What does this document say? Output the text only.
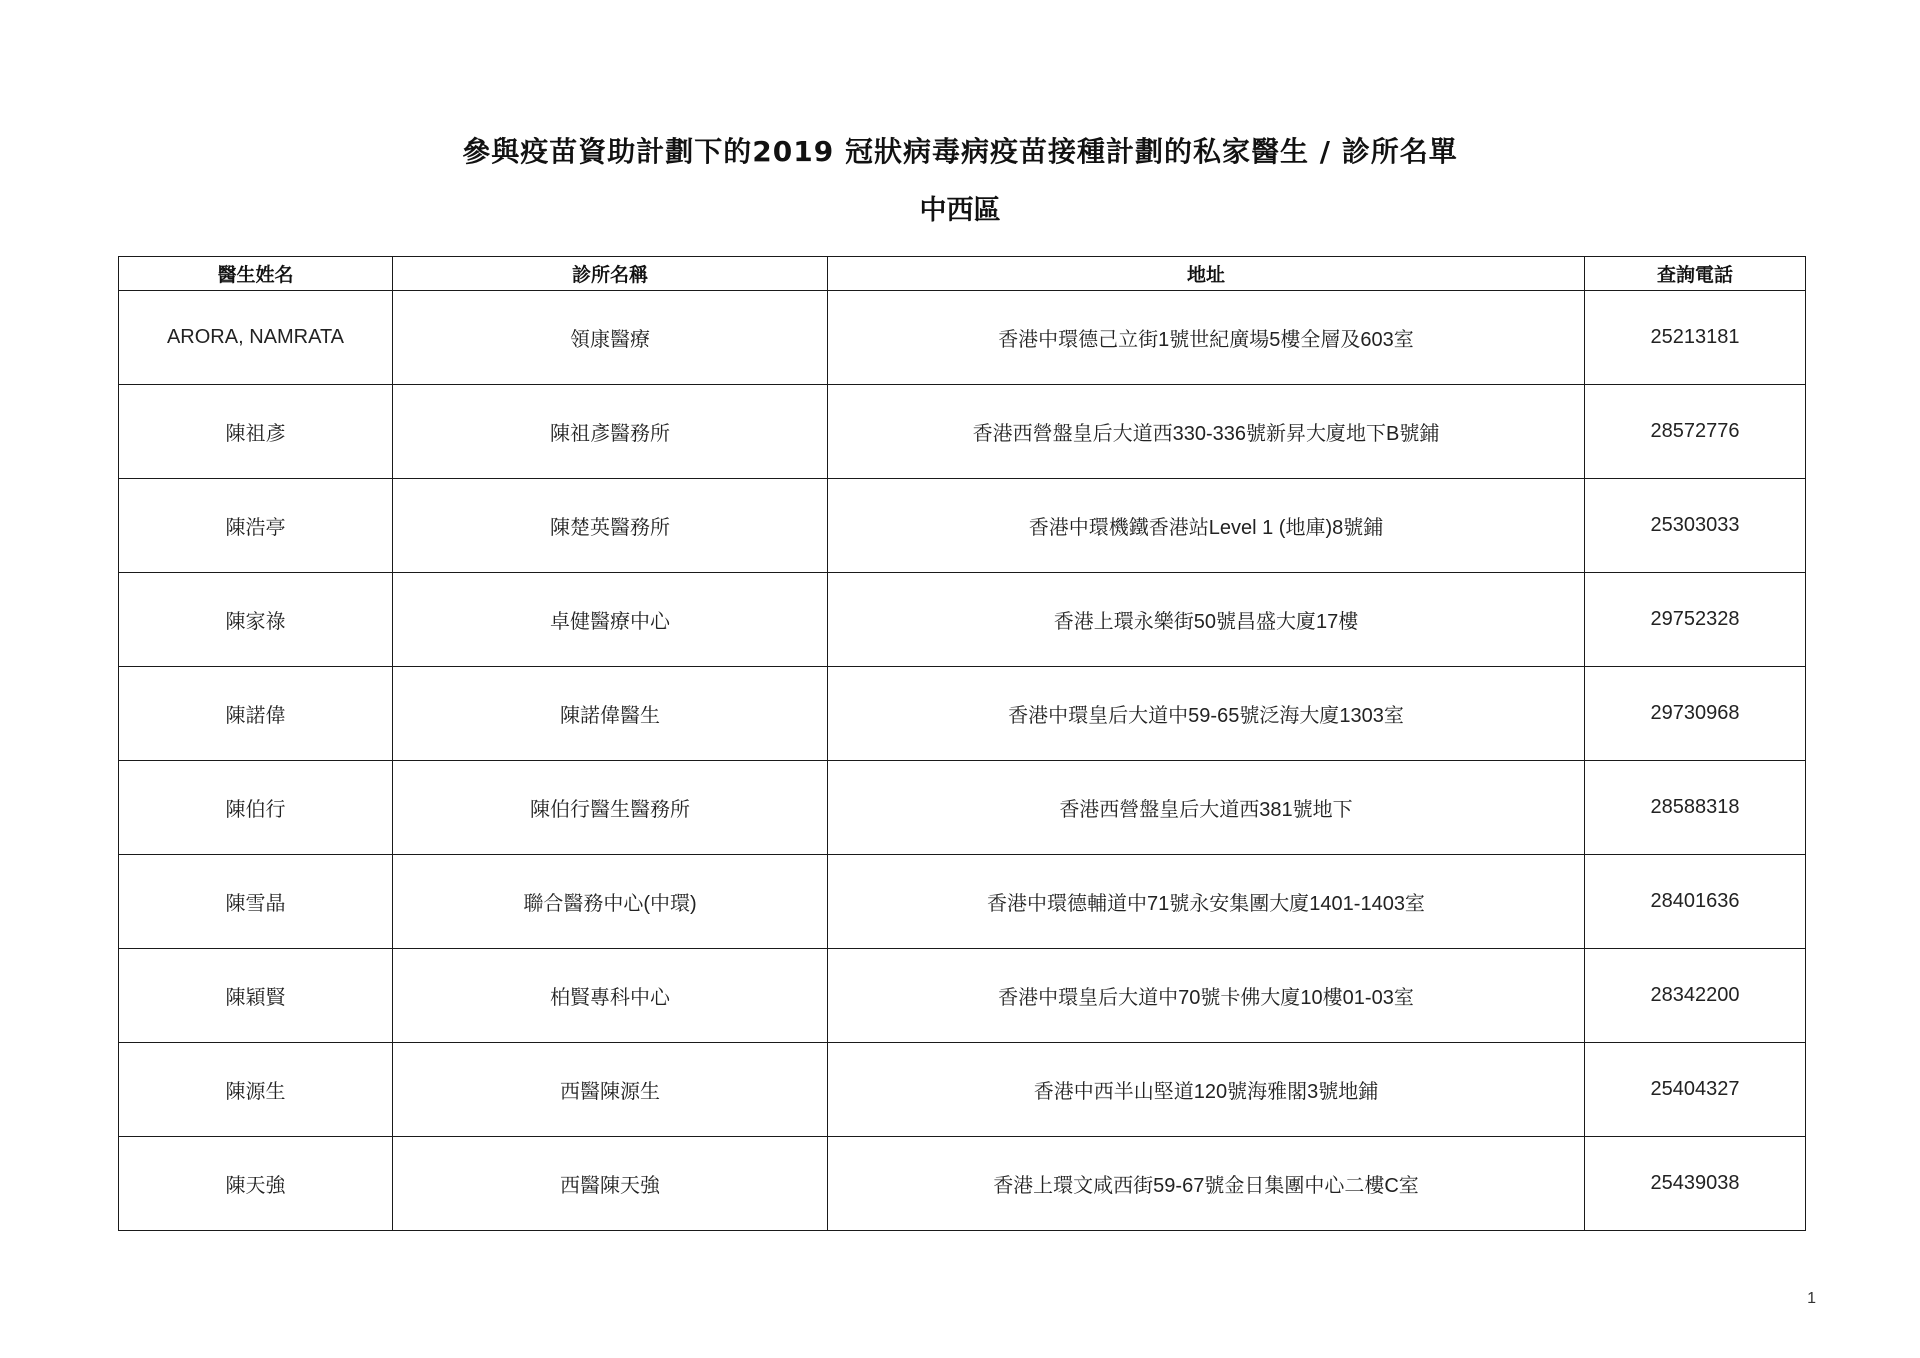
參與疫苗資助計劃下的2019 冠狀病毒病疫苗接種計劃的私家醫生 / 診所名單
中西區
醫生姓名	診所名稱	地址	查詢電話
ARORA, NAMRATA	領康醫療	香港中環德己立街1號世紀廣場5樓全層及603室	25213181
陳祖彥	陳祖彥醫務所	香港西營盤皇后大道西330-336號新昇大廈地下B號鋪	28572776
陳浩亭	陳楚英醫務所	香港中環機鐵香港站Level 1 (地庫)8號鋪	25303033
陳家祿	卓健醫療中心	香港上環永樂街50號昌盛大廈17樓	29752328
陳諾偉	陳諾偉醫生	香港中環皇后大道中59-65號泛海大廈1303室	29730968
陳伯行	陳伯行醫生醫務所	香港西營盤皇后大道西381號地下	28588318
陳雪晶	聯合醫務中心(中環)	香港中環德輔道中71號永安集團大廈1401-1403室	28401636
陳穎賢	柏賢專科中心	香港中環皇后大道中70號卡佛大廈10樓01-03室	28342200
陳源生	西醫陳源生	香港中西半山堅道120號海雅閣3號地鋪	25404327
陳天強	西醫陳天強	香港上環文咸西街59-67號金日集團中心二樓C室	25439038
1
